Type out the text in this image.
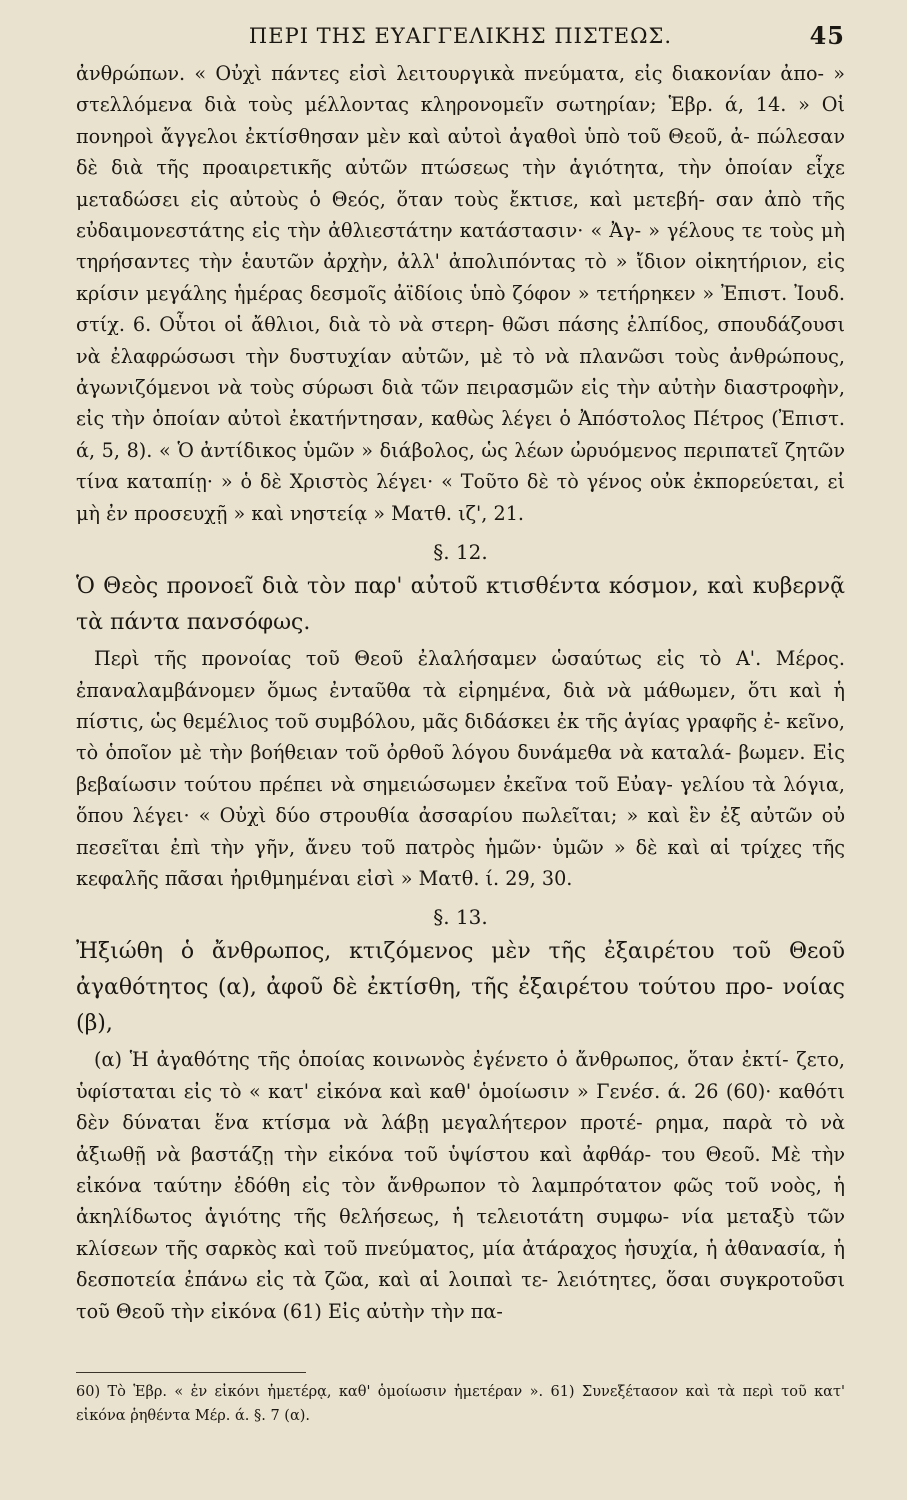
ΠΕΡΙ ΤΗΣ ΕΥΑΓΓΕΛΙΚΗΣ ΠΙΣΤΕΩΣ.	45

ἀνθρώπων. « Οὐχὶ πάντες εἰσὶ λειτουργικὰ πνεύματα, εἰς διακονίαν ἀπο- » στελλόμενα διὰ τοὺς μέλλοντας κληρονομεῖν σωτηρίαν; Ἑβρ. ά, 14. » Οἱ πονηροὶ ἄγγελοι ἐκτίσθησαν μὲν καὶ αὐτοὶ ἀγαθοὶ ὑπὸ τοῦ Θεοῦ, ἀ- πώλεσαν δὲ διὰ τῆς προαιρετικῆς αὐτῶν πτώσεως τὴν ἁγιότητα, τὴν ὁποίαν εἶχε μεταδώσει εἰς αὐτοὺς ὁ Θεός, ὅταν τοὺς ἔκτισε, καὶ μετεβή- σαν ἀπὸ τῆς εὐδαιμονεστάτης εἰς τὴν ἀθλιεστάτην κατάστασιν· « Ἀγ- » γέλους τε τοὺς μὴ τηρήσαντες τὴν ἑαυτῶν ἀρχὴν, ἀλλ' ἀπολιπόντας τὸ » ἴδιον οἰκητήριον, εἰς κρίσιν μεγάλης ἡμέρας δεσμοῖς ἀϊδίοις ὑπὸ ζόφον » τετήρηκεν » Ἐπιστ. Ἰουδ. στίχ. 6. Οὗτοι οἱ ἄθλιοι, διὰ τὸ νὰ στερη- θῶσι πάσης ἐλπίδος, σπουδάζουσι νὰ ἐλαφρώσωσι τὴν δυστυχίαν αὐτῶν, μὲ τὸ νὰ πλανῶσι τοὺς ἀνθρώπους, ἀγωνιζόμενοι νὰ τοὺς σύρωσι διὰ τῶν πειρασμῶν εἰς τὴν αὐτὴν διαστροφὴν, εἰς τὴν ὁποίαν αὐτοὶ ἐκατήντησαν, καθὼς λέγει ὁ Ἀπόστολος Πέτρος (Ἐπιστ. ά, 5, 8). « Ὁ ἀντίδικος ὑμῶν » διάβολος, ὡς λέων ὠρυόμενος περιπατεῖ ζητῶν τίνα καταπίῃ· » ὁ δὲ Χριστὸς λέγει· « Τοῦτο δὲ τὸ γένος οὐκ ἐκπορεύεται, εἰ μὴ ἐν προσευχῇ » καὶ νηστείᾳ » Ματθ. ιζ', 21.

§. 12.
Ὁ Θεὸς προνοεῖ διὰ τὸν παρ' αὐτοῦ κτισθέντα κόσμον, καὶ κυβερνᾷ τὰ πάντα πανσόφως.

Περὶ τῆς προνοίας τοῦ Θεοῦ ἐλαλήσαμεν ὡσαύτως εἰς τὸ Α'. Μέρος. ἐπαναλαμβάνομεν ὅμως ἐνταῦθα τὰ εἰρημένα, διὰ νὰ μάθωμεν, ὅτι καὶ ἡ πίστις, ὡς θεμέλιος τοῦ συμβόλου, μᾶς διδάσκει ἐκ τῆς ἁγίας γραφῆς ἐ- κεῖνο, τὸ ὁποῖον μὲ τὴν βοήθειαν τοῦ ὀρθοῦ λόγου δυνάμεθα νὰ καταλά- βωμεν. Εἰς βεβαίωσιν τούτου πρέπει νὰ σημειώσωμεν ἐκεῖνα τοῦ Εὐαγ- γελίου τὰ λόγια, ὅπου λέγει· « Οὐχὶ δύο στρουθία ἀσσαρίου πωλεῖται; » καὶ ἓν ἐξ αὐτῶν οὐ πεσεῖται ἐπὶ τὴν γῆν, ἄνευ τοῦ πατρὸς ἡμῶν· ὑμῶν » δὲ καὶ αἱ τρίχες τῆς κεφαλῆς πᾶσαι ἠριθμημέναι εἰσὶ » Ματθ. ί. 29, 30.

§. 13.
Ἠξιώθη ὁ ἄνθρωπος, κτιζόμενος μὲν τῆς ἐξαιρέτου τοῦ Θεοῦ ἀγαθότητος (α), ἀφοῦ δὲ ἐκτίσθη, τῆς ἐξαιρέτου τούτου προ- νοίας (β),

(α) Ἡ ἀγαθότης τῆς ὁποίας κοινωνὸς ἐγένετο ὁ ἄνθρωπος, ὅταν ἐκτί- ζετο, ὑφίσταται εἰς τὸ « κατ' εἰκόνα καὶ καθ' ὁμοίωσιν » Γενέσ. ά. 26 (60)· καθότι δὲν δύναται ἕνα κτίσμα νὰ λάβῃ μεγαλήτερον προτέ- ρημα, παρὰ τὸ νὰ ἀξιωθῇ νὰ βαστάζῃ τὴν εἰκόνα τοῦ ὑψίστου καὶ ἀφθάρ- του Θεοῦ. Μὲ τὴν εἰκόνα ταύτην ἐδόθη εἰς τὸν ἄνθρωπον τὸ λαμπρότατον φῶς τοῦ νοὸς, ἡ ἀκηλίδωτος ἁγιότης τῆς θελήσεως, ἡ τελειοτάτη συμφω- νία μεταξὺ τῶν κλίσεων τῆς σαρκὸς καὶ τοῦ πνεύματος, μία ἀτάραχος ἡσυχία, ἡ ἀθανασία, ἡ δεσποτεία ἐπάνω εἰς τὰ ζῶα, καὶ αἱ λοιπαὶ τε- λειότητες, ὅσαι συγκροτοῦσι τοῦ Θεοῦ τὴν εἰκόνα (61) Εἰς αὐτὴν τὴν πα-

60) Τὸ Ἑβρ. « ἐν εἰκόνι ἡμετέρᾳ, καθ' ὁμοίωσιν ἡμετέραν ». 61) Συνεξέτασον καὶ τὰ περὶ τοῦ κατ' εἰκόνα ῥηθέντα Μέρ. ά. §. 7 (α).
